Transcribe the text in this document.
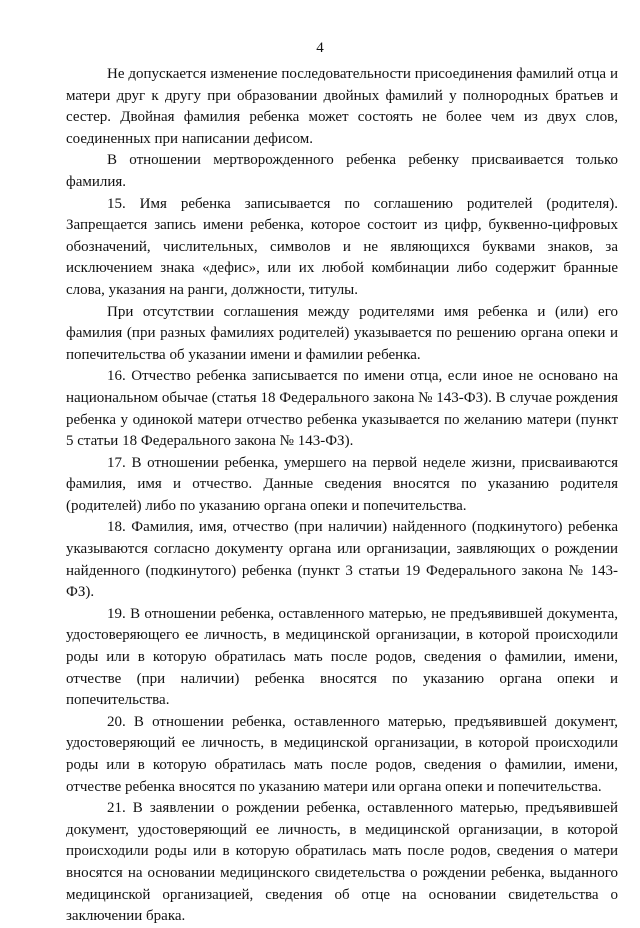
4

Не допускается изменение последовательности присоединения фамилий отца и матери друг к другу при образовании двойных фамилий у полнородных братьев и сестер. Двойная фамилия ребенка может состоять не более чем из двух слов, соединенных при написании дефисом.

В отношении мертворожденного ребенка ребенку присваивается только фамилия.

15. Имя ребенка записывается по соглашению родителей (родителя). Запрещается запись имени ребенка, которое состоит из цифр, буквенно-цифровых обозначений, числительных, символов и не являющихся буквами знаков, за исключением знака «дефис», или их любой комбинации либо содержит бранные слова, указания на ранги, должности, титулы.

При отсутствии соглашения между родителями имя ребенка и (или) его фамилия (при разных фамилиях родителей) указывается по решению органа опеки и попечительства об указании имени и фамилии ребенка.

16. Отчество ребенка записывается по имени отца, если иное не основано на национальном обычае (статья 18 Федерального закона № 143-ФЗ). В случае рождения ребенка у одинокой матери отчество ребенка указывается по желанию матери (пункт 5 статьи 18 Федерального закона № 143-ФЗ).

17. В отношении ребенка, умершего на первой неделе жизни, присваиваются фамилия, имя и отчество. Данные сведения вносятся по указанию родителя (родителей) либо по указанию органа опеки и попечительства.

18. Фамилия, имя, отчество (при наличии) найденного (подкинутого) ребенка указываются согласно документу органа или организации, заявляющих о рождении найденного (подкинутого) ребенка (пункт 3 статьи 19 Федерального закона № 143-ФЗ).

19. В отношении ребенка, оставленного матерью, не предъявившей документа, удостоверяющего ее личность, в медицинской организации, в которой происходили роды или в которую обратилась мать после родов, сведения о фамилии, имени, отчестве (при наличии) ребенка вносятся по указанию органа опеки и попечительства.

20. В отношении ребенка, оставленного матерью, предъявившей документ, удостоверяющий ее личность, в медицинской организации, в которой происходили роды или в которую обратилась мать после родов, сведения о фамилии, имени, отчестве ребенка вносятся по указанию матери или органа опеки и попечительства.

21. В заявлении о рождении ребенка, оставленного матерью, предъявившей документ, удостоверяющий ее личность, в медицинской организации, в которой происходили роды или в которую обратилась мать после родов, сведения о матери вносятся на основании медицинского свидетельства о рождении ребенка, выданного медицинской организацией, сведения об отце на основании свидетельства о заключении брака.
